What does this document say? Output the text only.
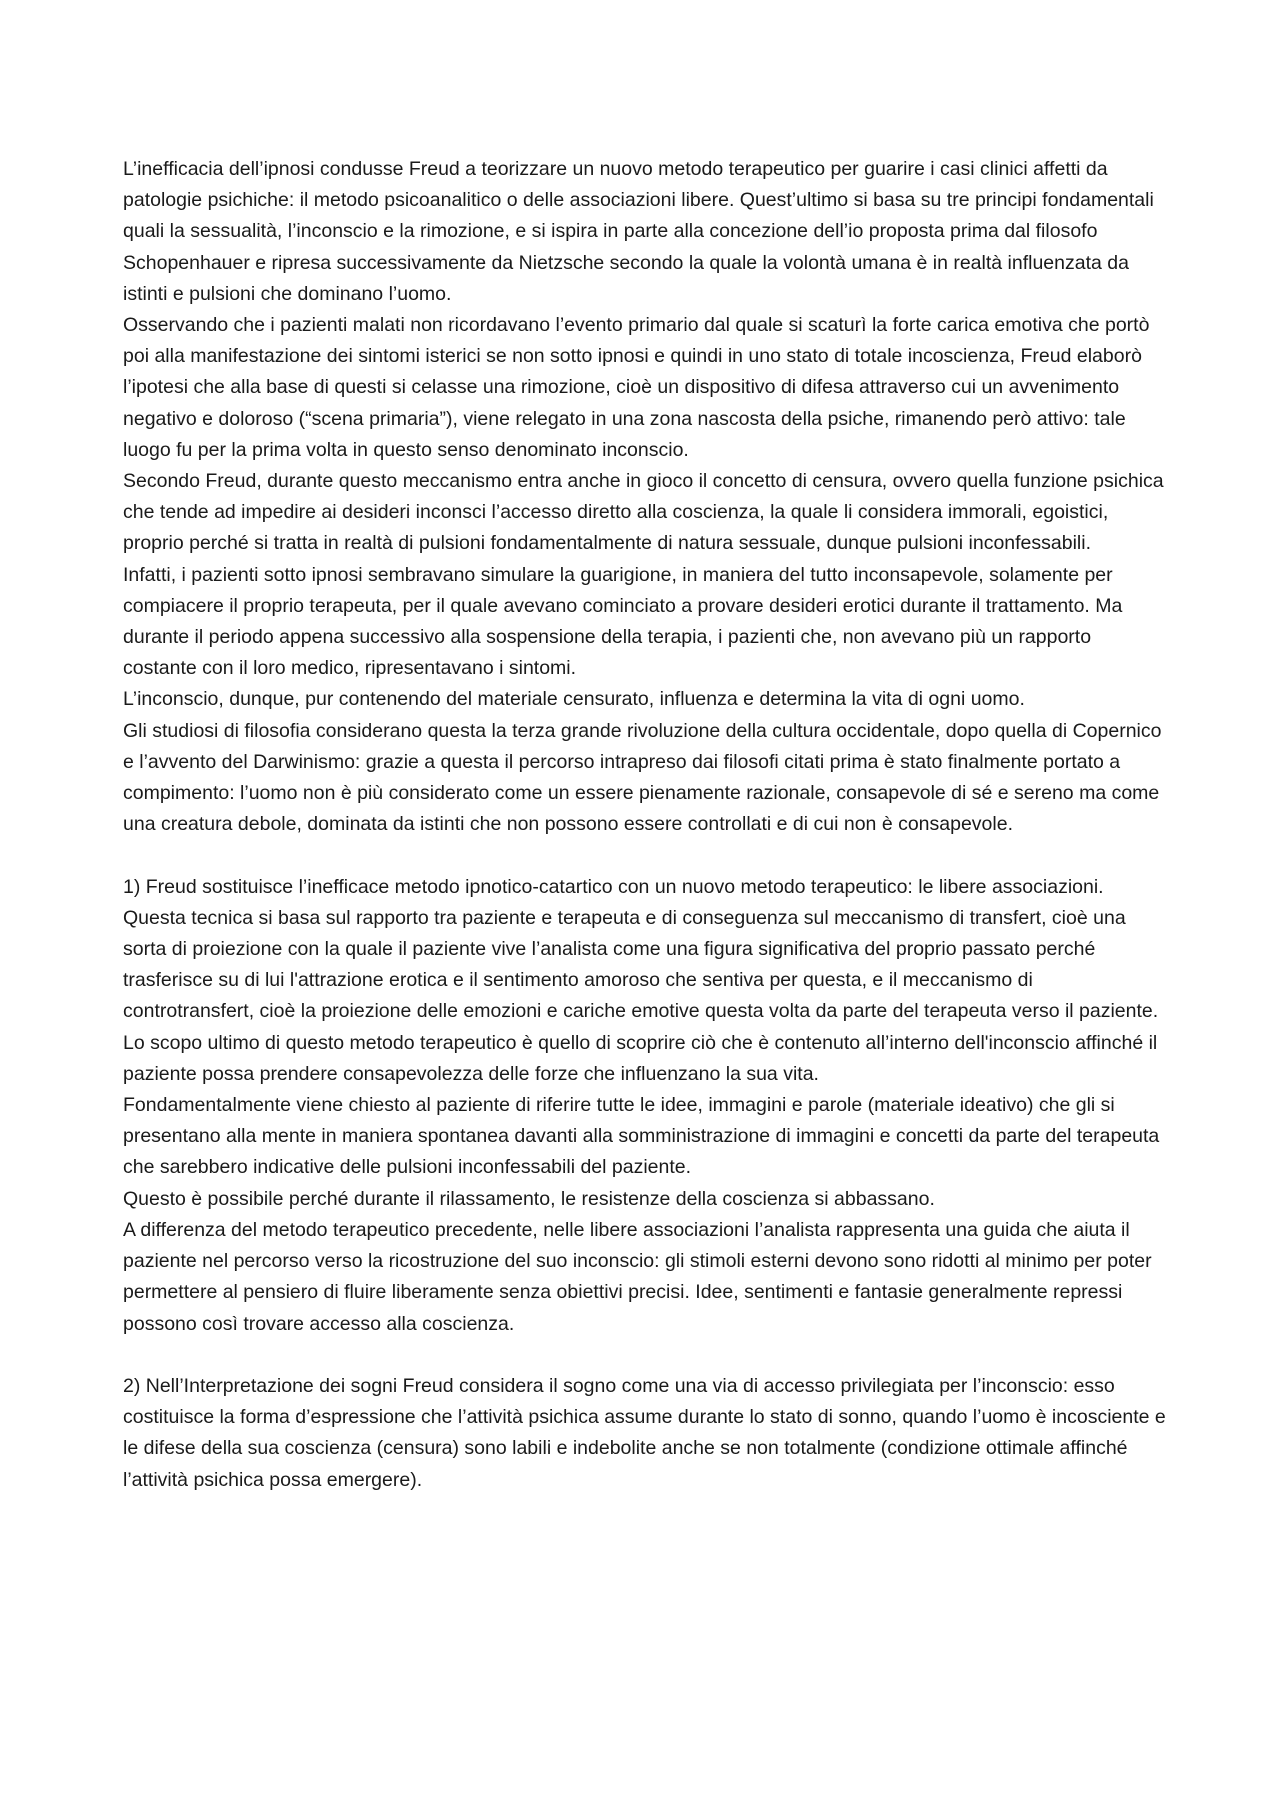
L’inefficacia dell’ipnosi condusse Freud a teorizzare un nuovo metodo terapeutico per guarire i casi clinici affetti da patologie psichiche: il metodo psicoanalitico o delle associazioni libere. Quest’ultimo si basa su tre principi fondamentali quali la sessualità, l’inconscio e la rimozione, e si ispira in parte alla concezione dell’io proposta prima dal filosofo Schopenhauer e ripresa successivamente da Nietzsche secondo la quale la volontà umana è in realtà influenzata da istinti e pulsioni che dominano l’uomo.

Osservando che i pazienti malati non ricordavano l’evento primario dal quale si scaturì la forte carica emotiva che portò poi alla manifestazione dei sintomi isterici se non sotto ipnosi e quindi in uno stato di totale incoscienza, Freud elaborò l’ipotesi che alla base di questi si celasse una rimozione, cioè un dispositivo di difesa attraverso cui un avvenimento negativo e doloroso (“scena primaria”), viene relegato in una zona nascosta della psiche, rimanendo però attivo: tale luogo fu per la prima volta in questo senso denominato inconscio.

Secondo Freud, durante questo meccanismo entra anche in gioco il concetto di censura, ovvero quella funzione psichica che tende ad impedire ai desideri inconsci l’accesso diretto alla coscienza, la quale li considera immorali, egoistici, proprio perché si tratta in realtà di pulsioni fondamentalmente di natura sessuale, dunque pulsioni inconfessabili.

Infatti, i pazienti sotto ipnosi sembravano simulare la guarigione, in maniera del tutto inconsapevole, solamente per compiacere il proprio terapeuta, per il quale avevano cominciato a provare desideri erotici durante il trattamento. Ma durante il periodo appena successivo alla sospensione della terapia, i pazienti che, non avevano più un rapporto costante con il loro medico, ripresentavano i sintomi.

L’inconscio, dunque, pur contenendo del materiale censurato, influenza e determina la vita di ogni uomo.

Gli studiosi di filosofia considerano questa la terza grande rivoluzione della cultura occidentale, dopo quella di Copernico e l’avvento del Darwinismo: grazie a questa il percorso intrapreso dai filosofi citati prima è stato finalmente portato a compimento: l’uomo non è più considerato come un essere pienamente razionale, consapevole di sé e sereno ma come una creatura debole, dominata da istinti che non possono essere controllati e di cui non è consapevole.

1) Freud sostituisce l’inefficace metodo ipnotico-catartico con un nuovo metodo terapeutico: le libere associazioni.

Questa tecnica si basa sul rapporto tra paziente e terapeuta e di conseguenza sul meccanismo di transfert, cioè una sorta di proiezione con la quale il paziente vive l’analista come una figura significativa del proprio passato perché trasferisce su di lui l'attrazione erotica e il sentimento amoroso che sentiva per questa, e il meccanismo di controtransfert, cioè la proiezione delle emozioni e cariche emotive questa volta da parte del terapeuta verso il paziente.

Lo scopo ultimo di questo metodo terapeutico è quello di scoprire ciò che è contenuto all’interno dell'inconscio affinché il paziente possa prendere consapevolezza delle forze che influenzano la sua vita.

Fondamentalmente viene chiesto al paziente di riferire tutte le idee, immagini e parole (materiale ideativo) che gli si presentano alla mente in maniera spontanea davanti alla somministrazione di immagini e concetti da parte del terapeuta che sarebbero indicative delle pulsioni inconfessabili del paziente.

Questo è possibile perché durante il rilassamento, le resistenze della coscienza si abbassano.

A differenza del metodo terapeutico precedente, nelle libere associazioni l’analista rappresenta una guida che aiuta il paziente nel percorso verso la ricostruzione del suo inconscio: gli stimoli esterni devono sono ridotti al minimo per poter permettere al pensiero di fluire liberamente senza obiettivi precisi. Idee, sentimenti e fantasie generalmente repressi possono così trovare accesso alla coscienza.

2) Nell’Interpretazione dei sogni Freud considera il sogno come una via di accesso privilegiata per l’inconscio: esso costituisce la forma d’espressione che l’attività psichica assume durante lo stato di sonno, quando l’uomo è incosciente e le difese della sua coscienza (censura) sono labili e indebolite anche se non totalmente (condizione ottimale affinché l’attività psichica possa emergere).
